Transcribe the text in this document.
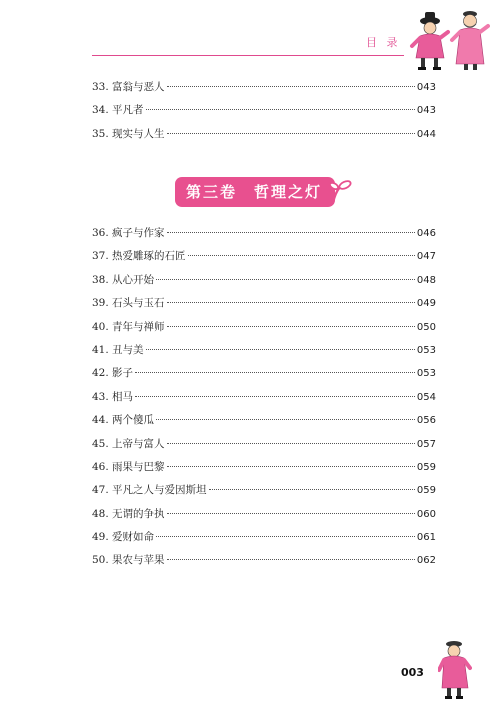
目 录
33. 富翁与恶人	043
34. 平凡者	043
35. 现实与人生	044
第三卷　哲理之灯
36. 疯子与作家	046
37. 热爱雕琢的石匠	047
38. 从心开始	048
39. 石头与玉石	049
40. 青年与禅师	050
41. 丑与美	053
42. 影子	053
43. 相马	054
44. 两个傻瓜	056
45. 上帝与富人	057
46. 雨果与巴黎	059
47. 平凡之人与爱因斯坦	059
48. 无谓的争执	060
49. 爱财如命	061
50. 果农与苹果	062
003
